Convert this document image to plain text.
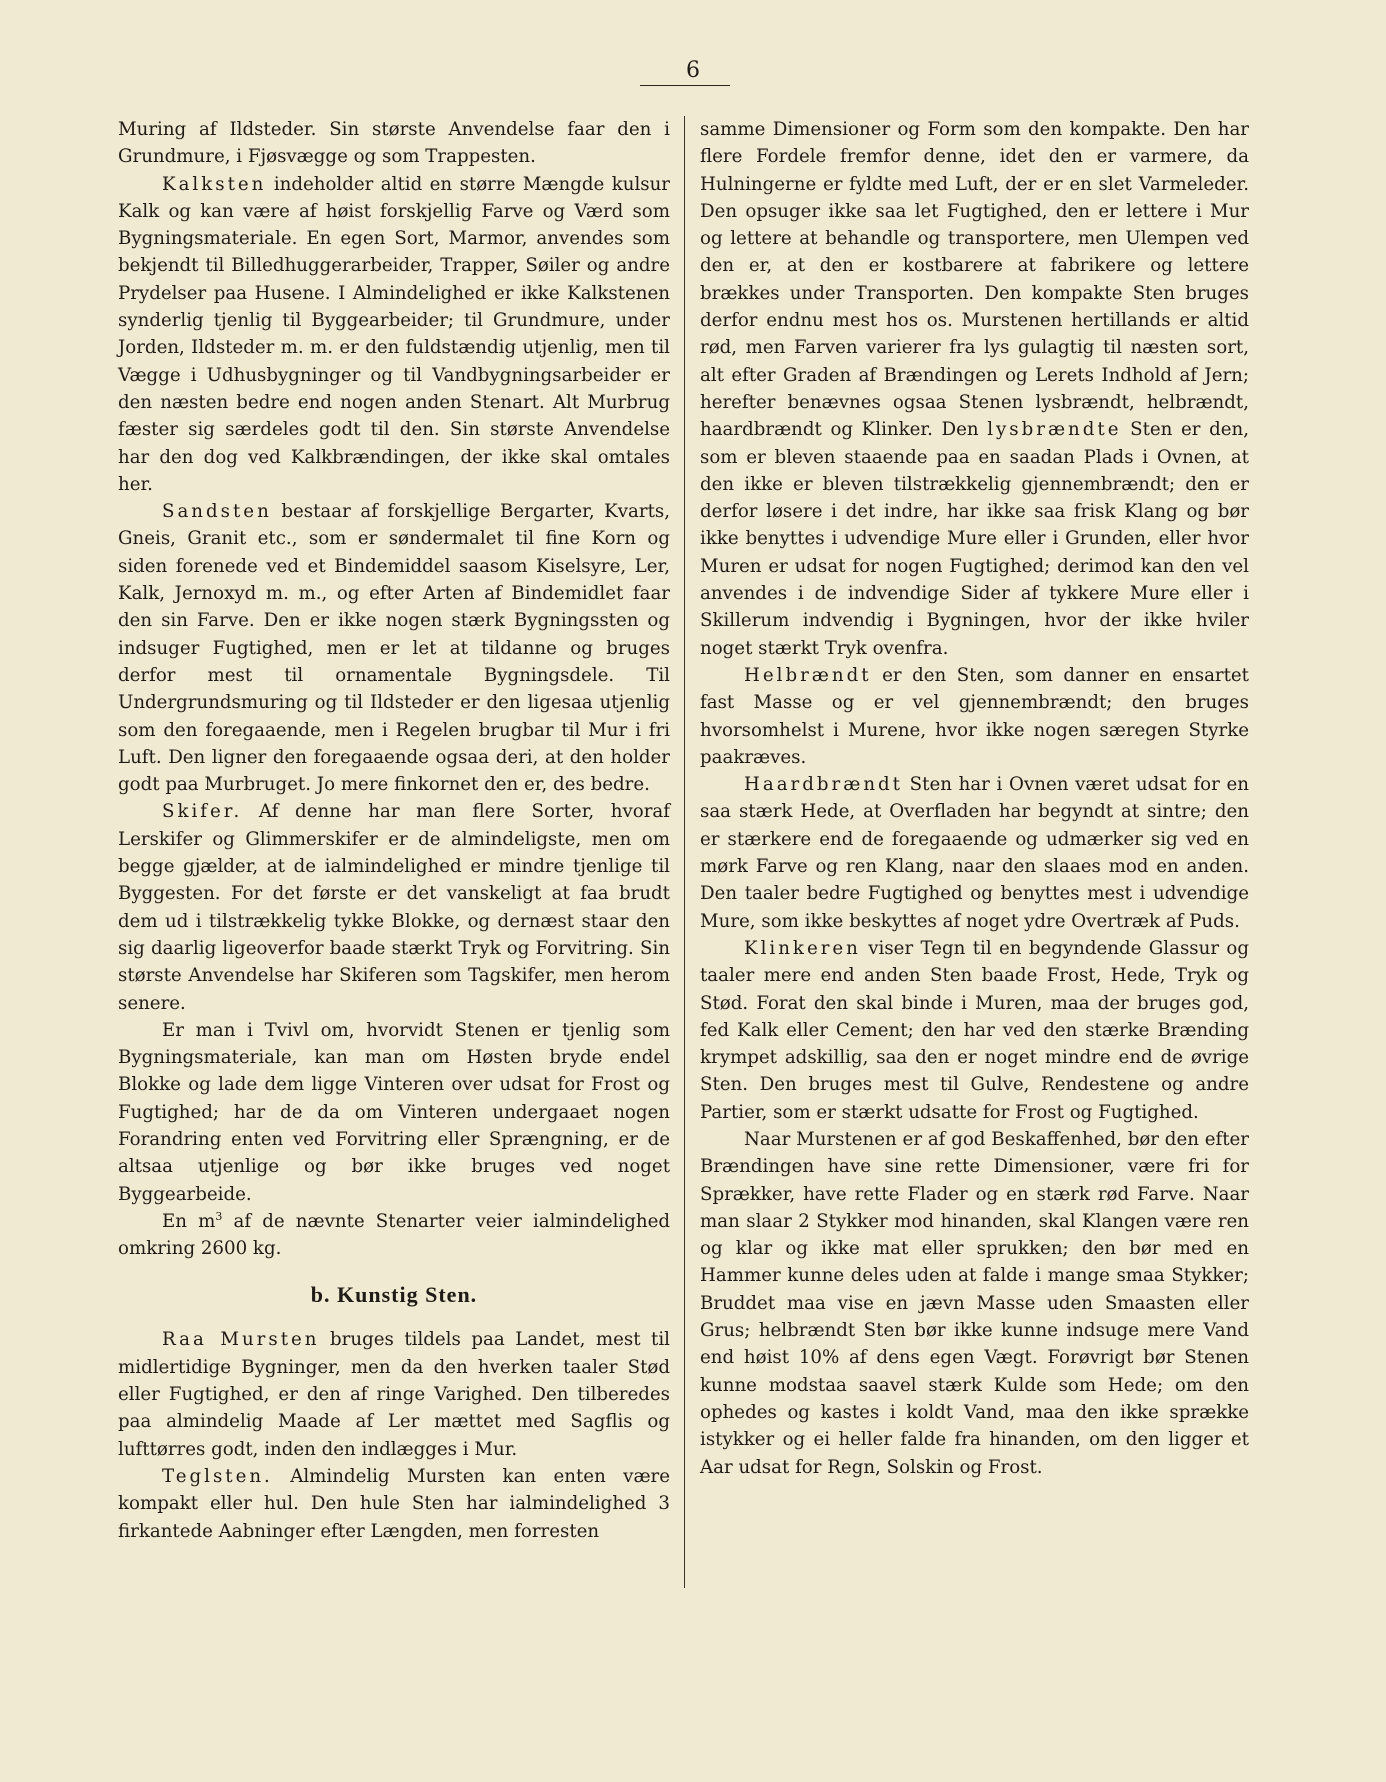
6

Muring af Ildsteder. Sin største Anvendelse faar den i Grundmure, i Fjøsvægge og som Trappesten.

Kalksten indeholder altid en større Mængde kulsur Kalk og kan være af høist forskjellig Farve og Værd som Bygningsmateriale. En egen Sort, Marmor, anvendes som bekjendt til Billedhuggerarbeider, Trapper, Søiler og andre Prydelser paa Husene. I Almindelighed er ikke Kalkstenen synderlig tjenlig til Byggearbeider; til Grundmure, under Jorden, Ildsteder m. m. er den fuldstændig utjenlig, men til Vægge i Udhusbygninger og til Vandbygningsarbeider er den næsten bedre end nogen anden Stenart. Alt Murbrug fæster sig særdeles godt til den. Sin største Anvendelse har den dog ved Kalkbrændingen, der ikke skal omtales her.

Sandsten bestaar af forskjellige Bergarter, Kvarts, Gneis, Granit etc., som er søndermalet til fine Korn og siden forenede ved et Bindemiddel saasom Kiselsyre, Ler, Kalk, Jernoxyd m. m., og efter Arten af Bindemidlet faar den sin Farve. Den er ikke nogen stærk Bygningssten og indsuger Fugtighed, men er let at tildanne og bruges derfor mest til ornamentale Bygningsdele. Til Undergrundsmuring og til Ildsteder er den ligesaa utjenlig som den foregaaende, men i Regelen brugbar til Mur i fri Luft. Den ligner den foregaaende ogsaa deri, at den holder godt paa Murbruget. Jo mere finkornet den er, des bedre.

Skifer. Af denne har man flere Sorter, hvoraf Lerskifer og Glimmerskifer er de almindeligste, men om begge gjælder, at de ialmindelighed er mindre tjenlige til Byggesten. For det første er det vanskeligt at faa brudt dem ud i tilstrækkelig tykke Blokke, og dernæst staar den sig daarlig ligeoverfor baade stærkt Tryk og Forvitring. Sin største Anvendelse har Skiferen som Tagskifer, men herom senere.

Er man i Tvivl om, hvorvidt Stenen er tjenlig som Bygningsmateriale, kan man om Høsten bryde endel Blokke og lade dem ligge Vinteren over udsat for Frost og Fugtighed; har de da om Vinteren undergaaet nogen Forandring enten ved Forvitring eller Sprængning, er de altsaa utjenlige og bør ikke bruges ved noget Byggearbeide.

En $m^3$ af de nævnte Stenarter veier ialmindelighed omkring 2600 kg.

b. Kunstig Sten.

Raa Mursten bruges tildels paa Landet, mest til midlertidige Bygninger, men da den hverken taaler Stød eller Fugtighed, er den af ringe Varighed. Den tilberedes paa almindelig Maade af Ler mættet med Sagflis og lufttørres godt, inden den indlægges i Mur.

Teglsten. Almindelig Mursten kan enten være kompakt eller hul. Den hule Sten har ialmindelighed 3 firkantede Aabninger efter Længden, men forresten

samme Dimensioner og Form som den kompakte. Den har flere Fordele fremfor denne, idet den er varmere, da Hulningerne er fyldte med Luft, der er en slet Varmeleder. Den opsuger ikke saa let Fugtighed, den er lettere i Mur og lettere at behandle og transportere, men Ulempen ved den er, at den er kostbarere at fabrikere og lettere brækkes under Transporten. Den kompakte Sten bruges derfor endnu mest hos os. Murstenen hertillands er altid rød, men Farven varierer fra lys gulagtig til næsten sort, alt efter Graden af Brændingen og Lerets Indhold af Jern; herefter benævnes ogsaa Stenen lysbrændt, helbrændt, haardbrændt og Klinker. Den lysbrændte Sten er den, som er bleven staaende paa en saadan Plads i Ovnen, at den ikke er bleven tilstrækkelig gjennembrændt; den er derfor løsere i det indre, har ikke saa frisk Klang og bør ikke benyttes i udvendige Mure eller i Grunden, eller hvor Muren er udsat for nogen Fugtighed; derimod kan den vel anvendes i de indvendige Sider af tykkere Mure eller i Skillerum indvendig i Bygningen, hvor der ikke hviler noget stærkt Tryk ovenfra.

Helbrændt er den Sten, som danner en ensartet fast Masse og er vel gjennembrændt; den bruges hvorsomhelst i Murene, hvor ikke nogen særegen Styrke paakræves.

Haardbrændt Sten har i Ovnen været udsat for en saa stærk Hede, at Overfladen har begyndt at sintre; den er stærkere end de foregaaende og udmærker sig ved en mørk Farve og ren Klang, naar den slaaes mod en anden. Den taaler bedre Fugtighed og benyttes mest i udvendige Mure, som ikke beskyttes af noget ydre Overtræk af Puds.

Klinkeren viser Tegn til en begyndende Glassur og taaler mere end anden Sten baade Frost, Hede, Tryk og Stød. Forat den skal binde i Muren, maa der bruges god, fed Kalk eller Cement; den har ved den stærke Brænding krympet adskillig, saa den er noget mindre end de øvrige Sten. Den bruges mest til Gulve, Rendestene og andre Partier, som er stærkt udsatte for Frost og Fugtighed.

Naar Murstenen er af god Beskaffenhed, bør den efter Brændingen have sine rette Dimensioner, være fri for Sprækker, have rette Flader og en stærk rød Farve. Naar man slaar 2 Stykker mod hinanden, skal Klangen være ren og klar og ikke mat eller sprukken; den bør med en Hammer kunne deles uden at falde i mange smaa Stykker; Bruddet maa vise en jævn Masse uden Smaasten eller Grus; helbrændt Sten bør ikke kunne indsuge mere Vand end høist 10% af dens egen Vægt. Forøvrigt bør Stenen kunne modstaa saavel stærk Kulde som Hede; om den ophedes og kastes i koldt Vand, maa den ikke sprække istykker og ei heller falde fra hinanden, om den ligger et Aar udsat for Regn, Solskin og Frost.
